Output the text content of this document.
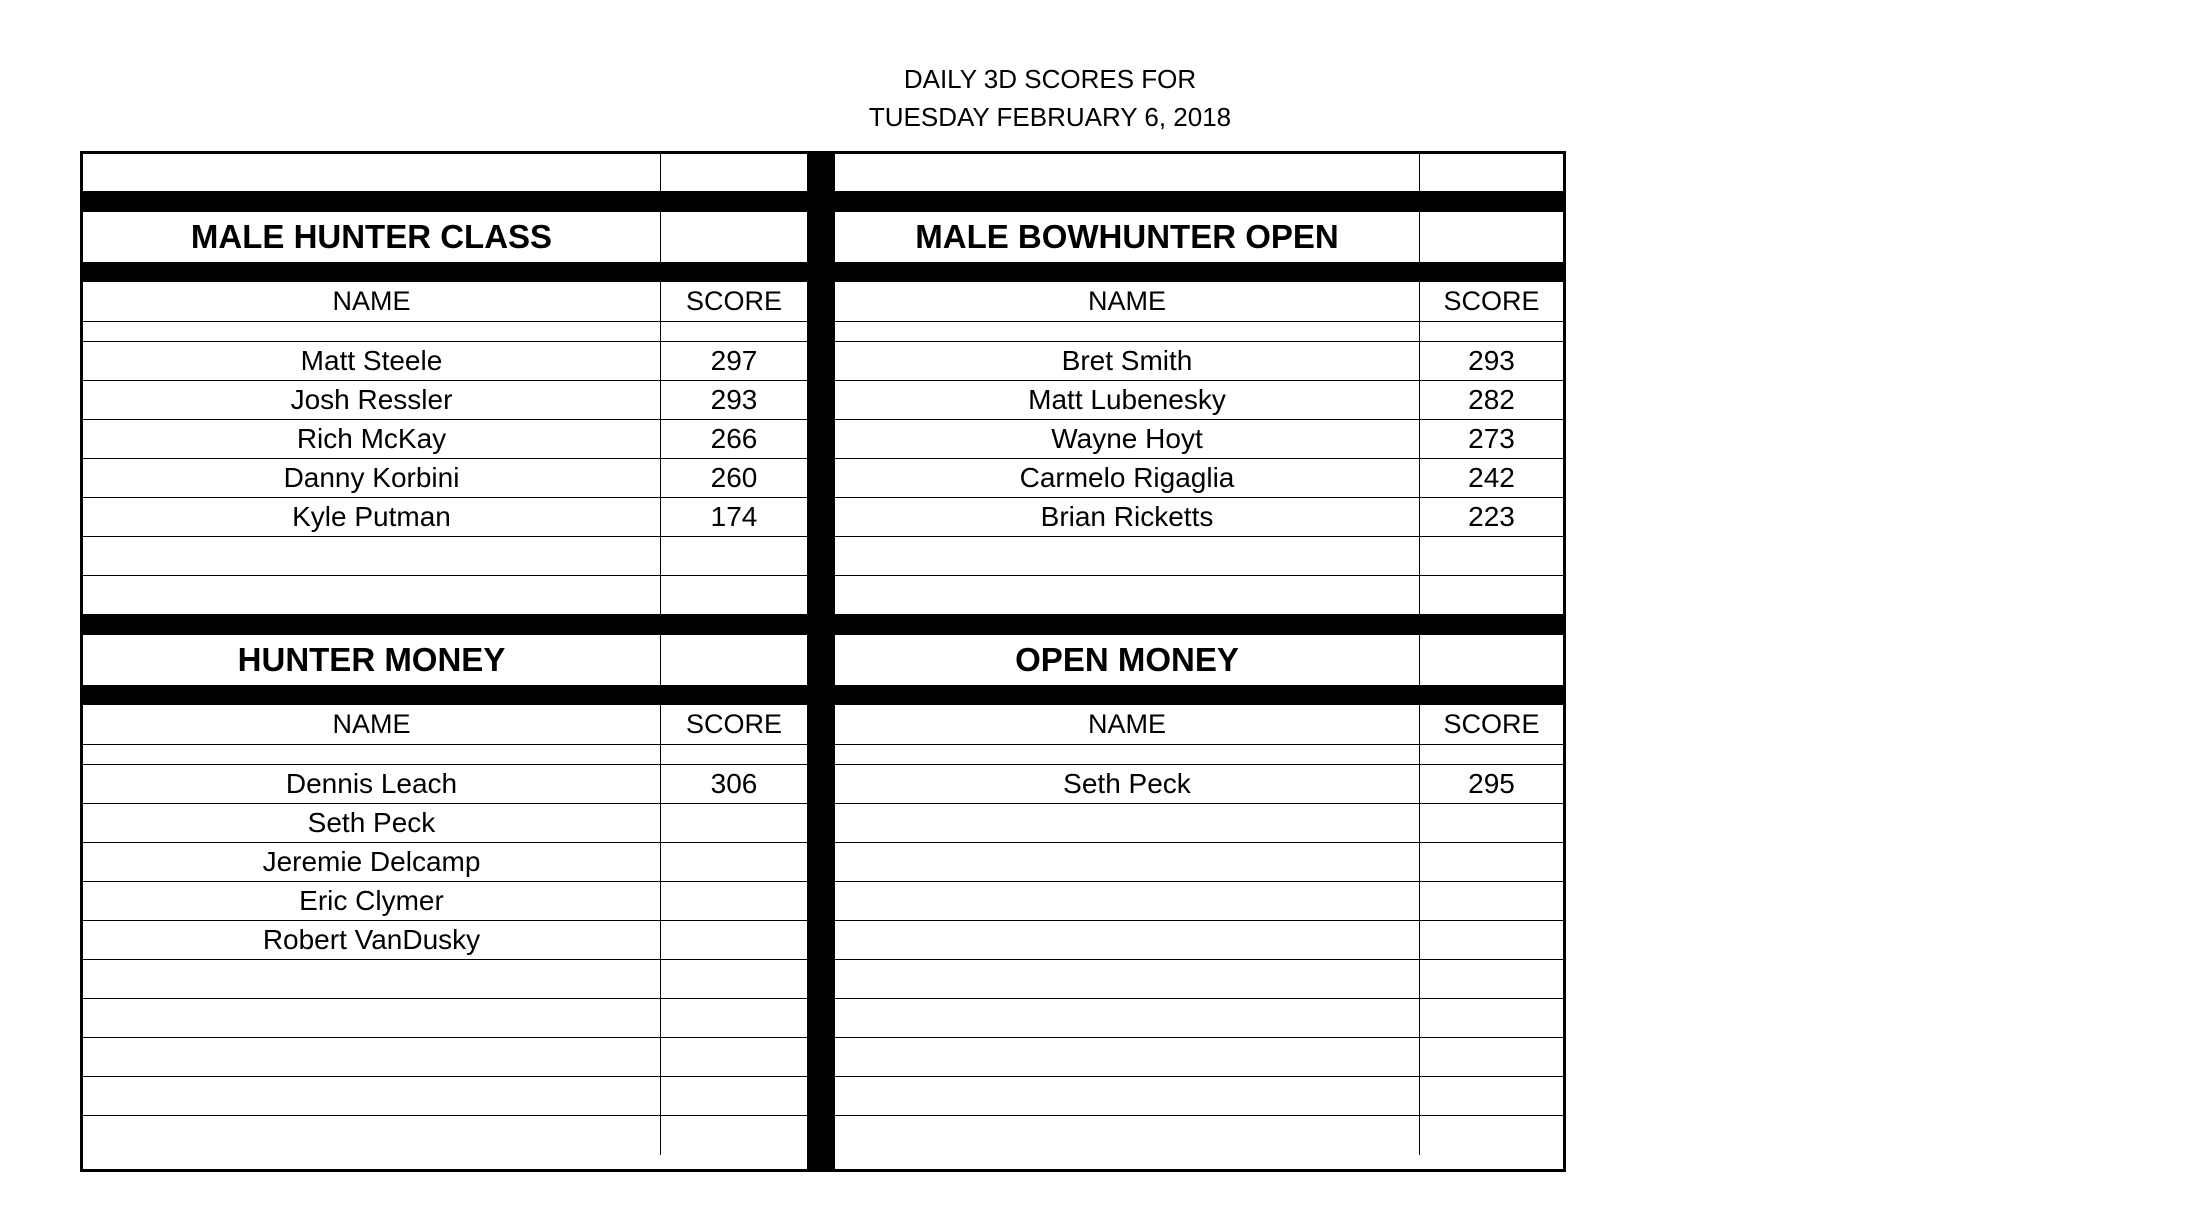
DAILY 3D SCORES FOR
TUESDAY FEBRUARY 6, 2018
MALE HUNTER CLASS
NAME	SCORE
Matt Steele	297
Josh Ressler	293
Rich McKay	266
Danny Korbini	260
Kyle Putman	174
HUNTER MONEY
NAME	SCORE
Dennis Leach	306
Seth Peck
Jeremie Delcamp
Eric Clymer
Robert VanDusky
MALE BOWHUNTER OPEN
NAME	SCORE
Bret Smith	293
Matt Lubenesky	282
Wayne Hoyt	273
Carmelo Rigaglia	242
Brian Ricketts	223
OPEN MONEY
NAME	SCORE
Seth Peck	295
